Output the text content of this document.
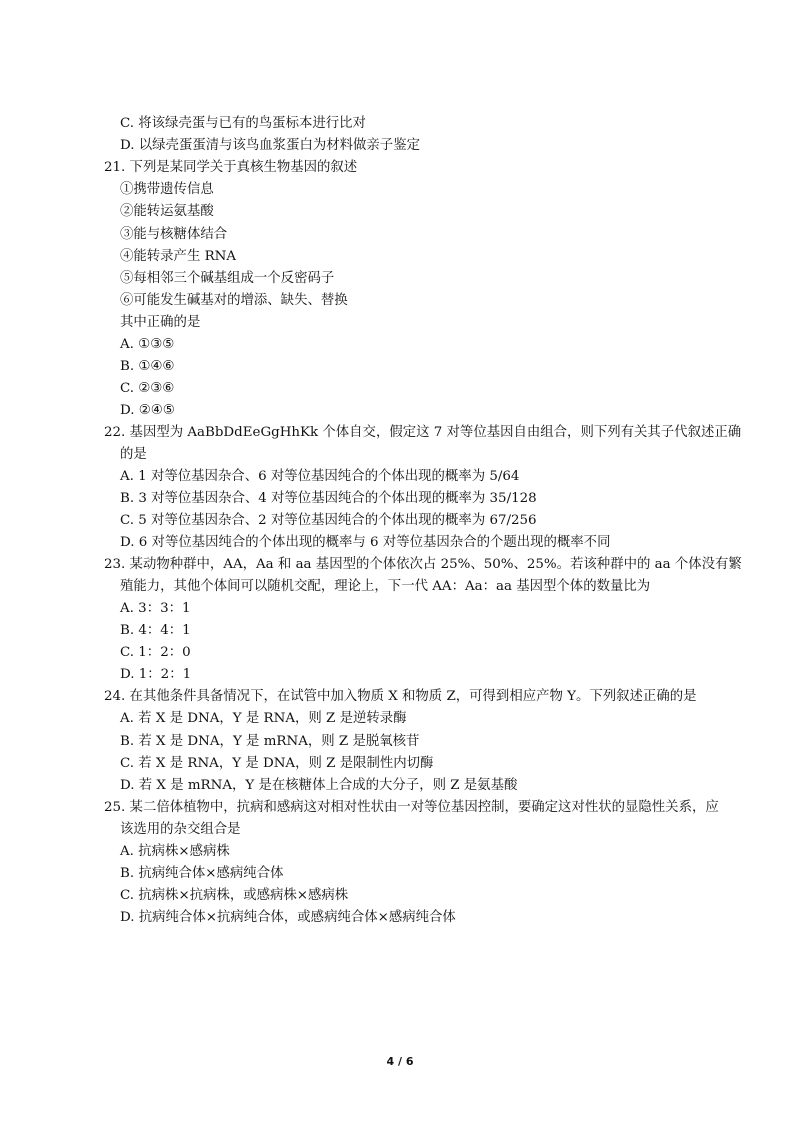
C. 将该绿壳蛋与已有的鸟蛋标本进行比对
D. 以绿壳蛋蛋清与该鸟血浆蛋白为材料做亲子鉴定
21. 下列是某同学关于真核生物基因的叙述
①携带遗传信息
②能转运氨基酸
③能与核糖体结合
④能转录产生 RNA
⑤每相邻三个碱基组成一个反密码子
⑥可能发生碱基对的增添、缺失、替换
其中正确的是
A. ①③⑤
B. ①④⑥
C. ②③⑥
D. ②④⑤
22. 基因型为 AaBbDdEeGgHhKk 个体自交，假定这 7 对等位基因自由组合，则下列有关其子代叙述正确
的是
A. 1 对等位基因杂合、6 对等位基因纯合的个体出现的概率为 5/64
B. 3 对等位基因杂合、4 对等位基因纯合的个体出现的概率为 35/128
C. 5 对等位基因杂合、2 对等位基因纯合的个体出现的概率为 67/256
D. 6 对等位基因纯合的个体出现的概率与 6 对等位基因杂合的个题出现的概率不同
23. 某动物种群中，AA，Aa 和 aa 基因型的个体依次占 25%、50%、25%。若该种群中的 aa 个体没有繁
殖能力，其他个体间可以随机交配，理论上，下一代 AA：Aa：aa 基因型个体的数量比为
A. 3：3：1
B. 4：4：1
C. 1：2：0
D. 1：2：1
24. 在其他条件具备情况下，在试管中加入物质 X 和物质 Z，可得到相应产物 Y。下列叙述正确的是
A. 若 X 是 DNA，Y 是 RNA，则 Z 是逆转录酶
B. 若 X 是 DNA，Y 是 mRNA，则 Z 是脱氧核苷
C. 若 X 是 RNA，Y 是 DNA，则 Z 是限制性内切酶
D. 若 X 是 mRNA，Y 是在核糖体上合成的大分子，则 Z 是氨基酸
25. 某二倍体植物中，抗病和感病这对相对性状由一对等位基因控制，要确定这对性状的显隐性关系，应
该选用的杂交组合是
A. 抗病株×感病株
B. 抗病纯合体×感病纯合体
C. 抗病株×抗病株，或感病株×感病株
D. 抗病纯合体×抗病纯合体，或感病纯合体×感病纯合体
4 / 6
